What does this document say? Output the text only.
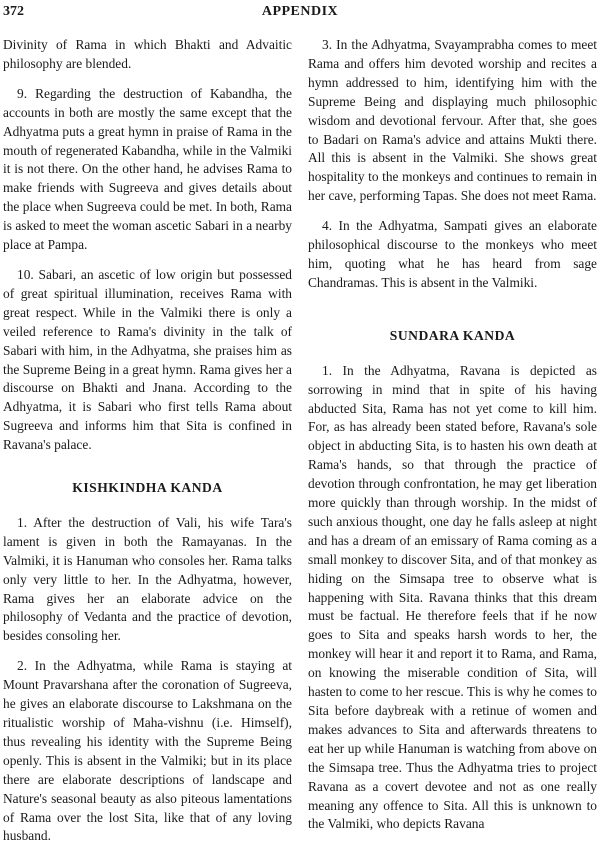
372	APPENDIX

Divinity of Rama in which Bhakti and Advaitic philosophy are blended.

9. Regarding the destruction of Kabandha, the accounts in both are mostly the same except that the Adhyatma puts a great hymn in praise of Rama in the mouth of regenerated Kabandha, while in the Valmiki it is not there. On the other hand, he advises Rama to make friends with Sugreeva and gives details about the place when Sugreeva could be met. In both, Rama is asked to meet the woman ascetic Sabari in a nearby place at Pampa.

10. Sabari, an ascetic of low origin but possessed of great spiritual illumination, receives Rama with great respect. While in the Valmiki there is only a veiled reference to Rama's divinity in the talk of Sabari with him, in the Adhyatma, she praises him as the Supreme Being in a great hymn. Rama gives her a discourse on Bhakti and Jnana. According to the Adhyatma, it is Sabari who first tells Rama about Sugreeva and informs him that Sita is confined in Ravana's palace.

KISHKINDHA KANDA

1. After the destruction of Vali, his wife Tara's lament is given in both the Ramayanas. In the Valmiki, it is Hanuman who consoles her. Rama talks only very little to her. In the Adhyatma, however, Rama gives her an elaborate advice on the philosophy of Vedanta and the practice of devotion, besides consoling her.

2. In the Adhyatma, while Rama is staying at Mount Pravarshana after the coronation of Sugreeva, he gives an elaborate discourse to Lakshmana on the ritualistic worship of Maha-vishnu (i.e. Himself), thus revealing his identity with the Supreme Being openly. This is absent in the Valmiki; but in its place there are elaborate descriptions of landscape and Nature's seasonal beauty as also piteous lamentations of Rama over the lost Sita, like that of any loving husband.

3. In the Adhyatma, Svayamprabha comes to meet Rama and offers him devoted worship and recites a hymn addressed to him, identifying him with the Supreme Being and displaying much philosophic wisdom and devotional fervour. After that, she goes to Badari on Rama's advice and attains Mukti there. All this is absent in the Valmiki. She shows great hospitality to the monkeys and continues to remain in her cave, performing Tapas. She does not meet Rama.

4. In the Adhyatma, Sampati gives an elaborate philosophical discourse to the monkeys who meet him, quoting what he has heard from sage Chandramas. This is absent in the Valmiki.

SUNDARA KANDA

1. In the Adhyatma, Ravana is depicted as sorrowing in mind that in spite of his having abducted Sita, Rama has not yet come to kill him. For, as has already been stated before, Ravana's sole object in abducting Sita, is to hasten his own death at Rama's hands, so that through the practice of devotion through confrontation, he may get liberation more quickly than through worship. In the midst of such anxious thought, one day he falls asleep at night and has a dream of an emissary of Rama coming as a small monkey to discover Sita, and of that monkey as hiding on the Simsapa tree to observe what is happening with Sita. Ravana thinks that this dream must be factual. He therefore feels that if he now goes to Sita and speaks harsh words to her, the monkey will hear it and report it to Rama, and Rama, on knowing the miserable condition of Sita, will hasten to come to her rescue. This is why he comes to Sita before daybreak with a retinue of women and makes advances to Sita and afterwards threatens to eat her up while Hanuman is watching from above on the Simsapa tree. Thus the Adhyatma tries to project Ravana as a covert devotee and not as one really meaning any offence to Sita. All this is unknown to the Valmiki, who depicts Ravana
